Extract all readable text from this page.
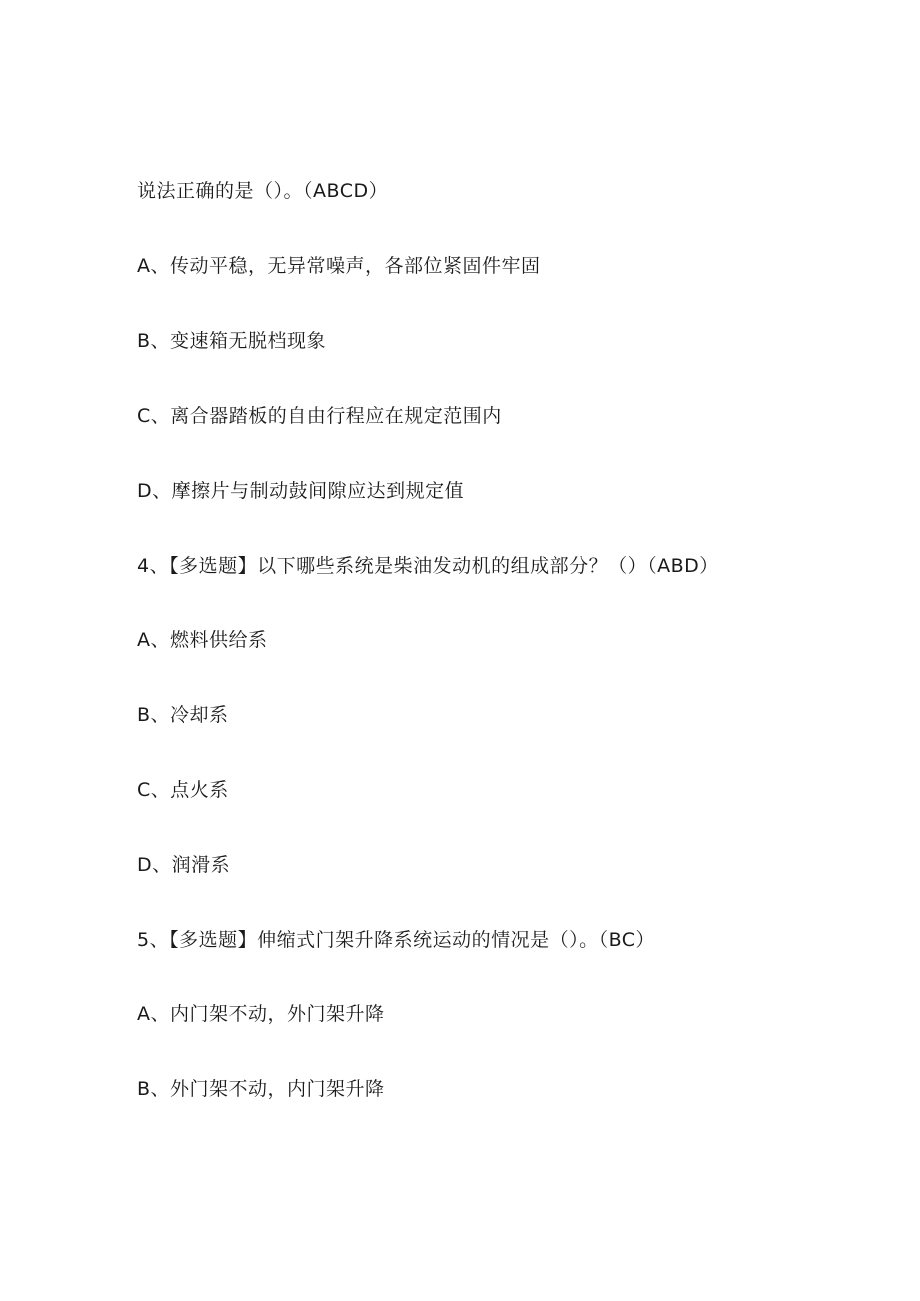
说法正确的是（）。（ABCD）
A、传动平稳，无异常噪声，各部位紧固件牢固
B、变速箱无脱档现象
C、离合器踏板的自由行程应在规定范围内
D、摩擦片与制动鼓间隙应达到规定值
4、【多选题】以下哪些系统是柴油发动机的组成部分？（）（ABD）
A、燃料供给系
B、冷却系
C、点火系
D、润滑系
5、【多选题】伸缩式门架升降系统运动的情况是（）。（BC）
A、内门架不动，外门架升降
B、外门架不动，内门架升降
